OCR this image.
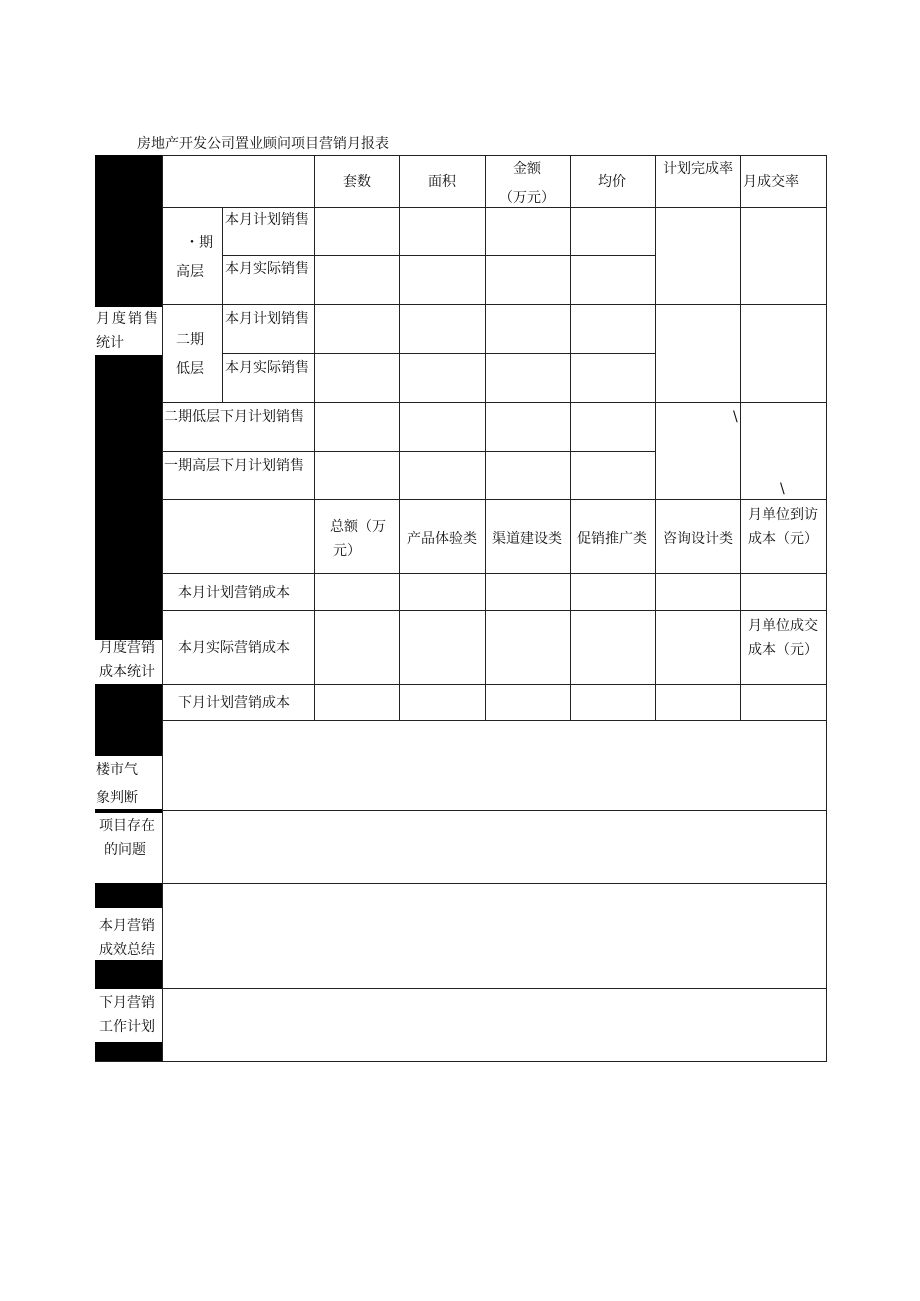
房地产开发公司置业顾问项目营销月报表
套数	面积
金额
（万元）
均价
计划完成率
月成交率
月度销售
统计
月度营销
成本统计
楼市气
象判断
项目存在
的问题
本月营销
成效总结
下月营销
工作计划
・期
高层
二期
低层
本月计划销售
本月实际销售
本月计划销售
本月实际销售
二期低层下月计划销售
一期高层下月计划销售
\
\
总额（万
元）
产品体验类 渠道建设类 促销推广类 咨询设计类
月单位到访
成本（元）
本月计划营销成本
本月实际营销成本
下月计划营销成本
月单位成交
成本（元）
